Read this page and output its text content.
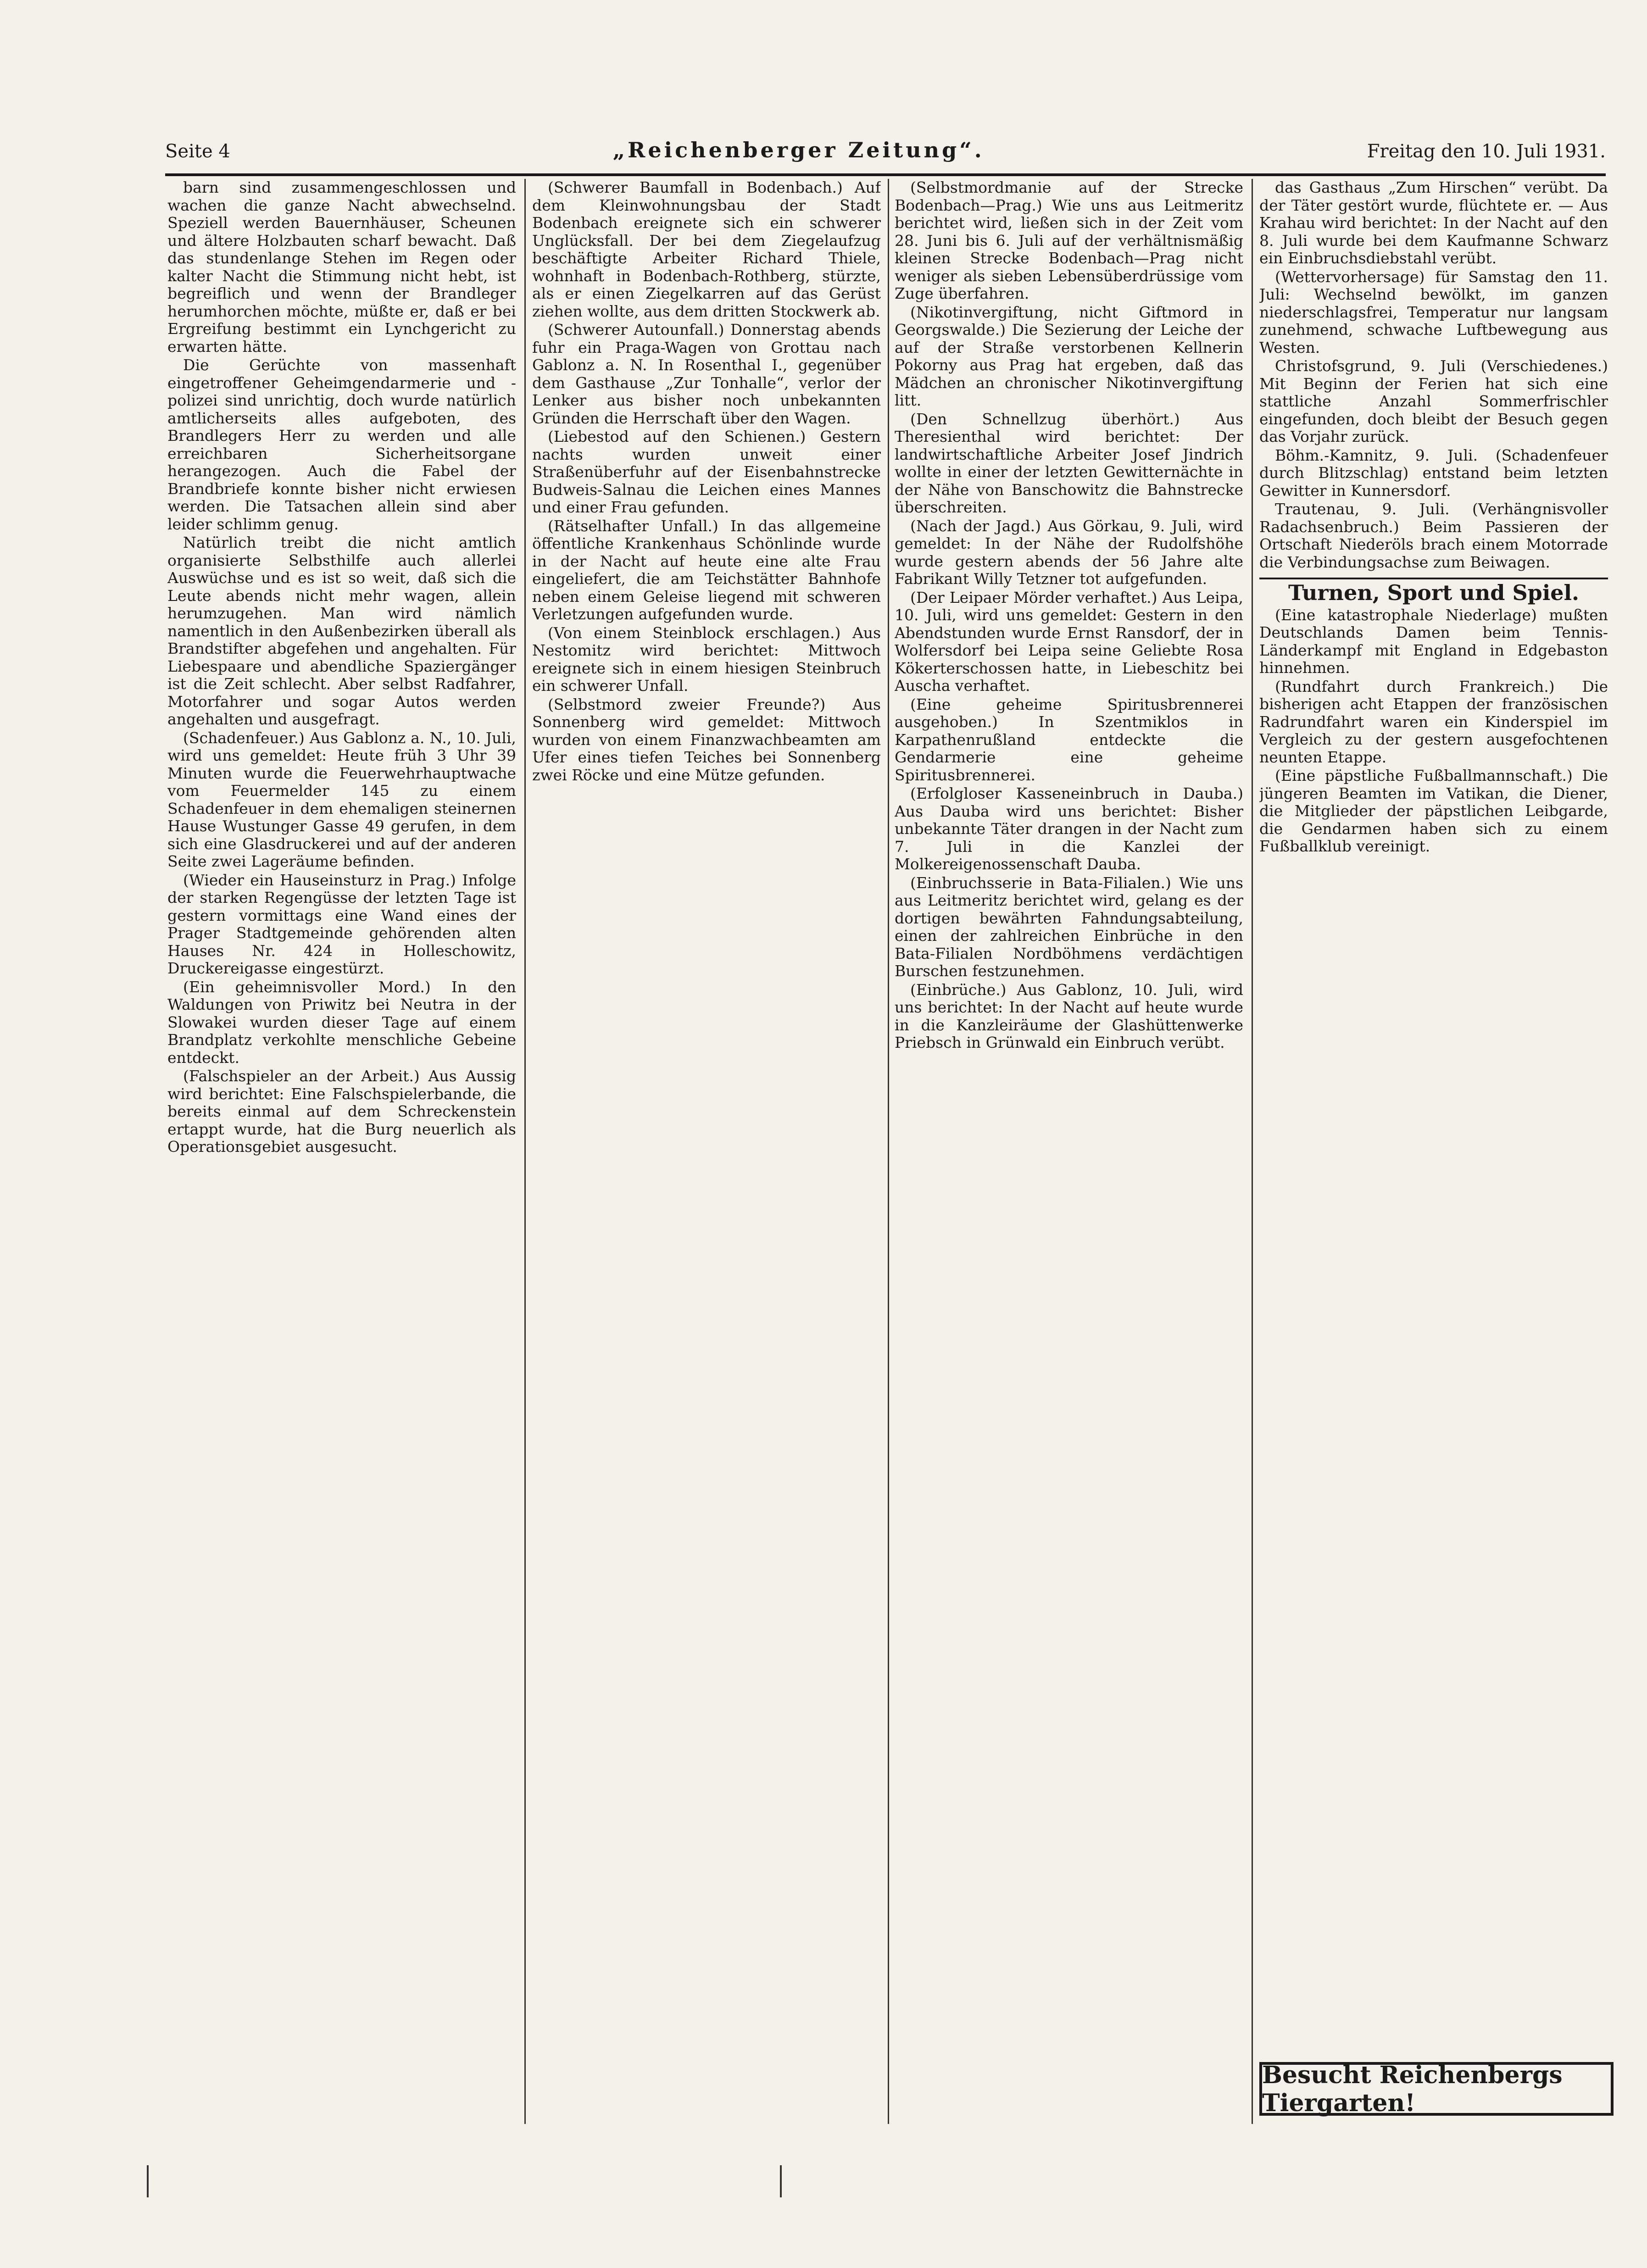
Seite 4	„Reichenberger Zeitung“.	Freitag den 10. Juli 1931.

barn sind zusammengeschlossen und wachen die ganze Nacht abwechselnd. Speziell werden Bauernhäuser, Scheunen und ältere Holzbauten scharf bewacht. Daß das stundenlange Stehen im Regen oder kalter Nacht die Stimmung nicht hebt, ist begreiflich und wenn der Brandleger herumhorchen möchte, müßte er, daß er bei Ergreifung bestimmt ein Lynchgericht zu erwarten hätte.

Die Gerüchte von massenhaft eingetroffener Geheimgendarmerie und -polizei sind unrichtig, doch wurde natürlich amtlicherseits alles aufgeboten, des Brandlegers Herr zu werden und alle erreichbaren Sicherheitsorgane herangezogen. Auch die Fabel der Brandbriefe konnte bisher nicht erwiesen werden. Die Tatsachen allein sind aber leider schlimm genug.

Natürlich treibt die nicht amtlich organisierte Selbsthilfe auch allerlei Auswüchse und es ist so weit, daß sich die Leute abends nicht mehr wagen, allein herumzugehen. Man wird nämlich namentlich in den Außenbezirken überall als Brandstifter abgefehen und angehalten. Für Liebespaare und abendliche Spaziergänger ist die Zeit schlecht. Aber selbst Radfahrer, Motorfahrer und sogar Autos werden angehalten und ausgefragt.

(Schadenfeuer.) Aus Gablonz a. N., 10. Juli, wird uns gemeldet: Heute früh 3 Uhr 39 Minuten wurde die Feuerwehrhauptwache vom Feuermelder 145 zu einem Schadenfeuer in dem ehemaligen steinernen Hause Wustunger Gasse 49 gerufen, in dem sich eine Glasdruckerei und auf der anderen Seite zwei Lageräume befinden.

(Wieder ein Hauseinsturz in Prag.) Infolge der starken Regengüsse der letzten Tage ist gestern vormittags eine Wand eines der Prager Stadtgemeinde gehörenden alten Hauses Nr. 424 in Holleschowitz, Druckereigasse eingestürzt.

(Ein geheimnisvoller Mord.) In den Waldungen von Priwitz bei Neutra in der Slowakei wurden dieser Tage auf einem Brandplatz verkohlte menschliche Gebeine entdeckt.

(Falschspieler an der Arbeit.) Aus Aussig wird berichtet: Eine Falschspielerbande, die bereits einmal auf dem Schreckenstein ertappt wurde, hat die Burg neuerlich als Operationsgebiet ausgesucht.

(Schwerer Baumfall in Bodenbach.) Auf dem Kleinwohnungsbau der Stadt Bodenbach ereignete sich ein schwerer Unglücksfall. Der bei dem Ziegelaufzug beschäftigte Arbeiter Richard Thiele, wohnhaft in Bodenbach-Rothberg, stürzte, als er einen Ziegelkarren auf das Gerüst ziehen wollte, aus dem dritten Stockwerk ab.

(Schwerer Autounfall.) Donnerstag abends fuhr ein Praga-Wagen von Grottau nach Gablonz a. N. In Rosenthal I., gegenüber dem Gasthause „Zur Tonhalle“, verlor der Lenker aus bisher noch unbekannten Gründen die Herrschaft über den Wagen.

(Liebestod auf den Schienen.) Gestern nachts wurden unweit einer Straßenüberfuhr auf der Eisenbahnstrecke Budweis-Salnau die Leichen eines Mannes und einer Frau gefunden.

(Rätselhafter Unfall.) In das allgemeine öffentliche Krankenhaus Schönlinde wurde in der Nacht auf heute eine alte Frau eingeliefert, die am Teichstätter Bahnhofe neben einem Geleise liegend mit schweren Verletzungen aufgefunden wurde.

(Von einem Steinblock erschlagen.) Aus Nestomitz wird berichtet: Mittwoch ereignete sich in einem hiesigen Steinbruch ein schwerer Unfall.

(Selbstmord zweier Freunde?) Aus Sonnenberg wird gemeldet: Mittwoch wurden von einem Finanzwachbeamten am Ufer eines tiefen Teiches bei Sonnenberg zwei Röcke und eine Mütze gefunden.

(Selbstmordmanie auf der Strecke Bodenbach—Prag.) Wie uns aus Leitmeritz berichtet wird, ließen sich in der Zeit vom 28. Juni bis 6. Juli auf der verhältnismäßig kleinen Strecke Bodenbach—Prag nicht weniger als sieben Lebensüberdrüssige vom Zuge überfahren.

(Nikotinvergiftung, nicht Giftmord in Georgswalde.) Die Sezierung der Leiche der auf der Straße verstorbenen Kellnerin Pokorny aus Prag hat ergeben, daß das Mädchen an chronischer Nikotinvergiftung litt.

(Den Schnellzug überhört.) Aus Theresienthal wird berichtet: Der landwirtschaftliche Arbeiter Josef Jindrich wollte in einer der letzten Gewitternächte in der Nähe von Banschowitz die Bahnstrecke überschreiten.

(Nach der Jagd.) Aus Görkau, 9. Juli, wird gemeldet: In der Nähe der Rudolfshöhe wurde gestern abends der 56 Jahre alte Fabrikant Willy Tetzner tot aufgefunden.

(Der Leipaer Mörder verhaftet.) Aus Leipa, 10. Juli, wird uns gemeldet: Gestern in den Abendstunden wurde Ernst Ransdorf, der in Wolfersdorf bei Leipa seine Geliebte Rosa Kökerterschossen hatte, in Liebeschitz bei Auscha verhaftet.

(Eine geheime Spiritusbrennerei ausgehoben.) In Szentmiklos in Karpathenrußland entdeckte die Gendarmerie eine geheime Spiritusbrennerei.

(Erfolgloser Kasseneinbruch in Dauba.) Aus Dauba wird uns berichtet: Bisher unbekannte Täter drangen in der Nacht zum 7. Juli in die Kanzlei der Molkereigenossenschaft Dauba.

(Einbruchsserie in Bata-Filialen.) Wie uns aus Leitmeritz berichtet wird, gelang es der dortigen bewährten Fahndungsabteilung, einen der zahlreichen Einbrüche in den Bata-Filialen Nordböhmens verdächtigen Burschen festzunehmen.

(Einbrüche.) Aus Gablonz, 10. Juli, wird uns berichtet: In der Nacht auf heute wurde in die Kanzleiräume der Glashüttenwerke Priebsch in Grünwald ein Einbruch verübt.

das Gasthaus „Zum Hirschen“ verübt. Da der Täter gestört wurde, flüchtete er. — Aus Krahau wird berichtet: In der Nacht auf den 8. Juli wurde bei dem Kaufmanne Schwarz ein Einbruchsdiebstahl verübt.

(Wettervorhersage) für Samstag den 11. Juli: Wechselnd bewölkt, im ganzen niederschlagsfrei, Temperatur nur langsam zunehmend, schwache Luftbewegung aus Westen.

Christofsgrund, 9. Juli (Verschiedenes.) Mit Beginn der Ferien hat sich eine stattliche Anzahl Sommerfrischler eingefunden, doch bleibt der Besuch gegen das Vorjahr zurück.

Böhm.-Kamnitz, 9. Juli. (Schadenfeuer durch Blitzschlag) entstand beim letzten Gewitter in Kunnersdorf.

Trautenau, 9. Juli. (Verhängnisvoller Radachsenbruch.) Beim Passieren der Ortschaft Niederöls brach einem Motorrade die Verbindungsachse zum Beiwagen.

Turnen, Sport und Spiel.

(Eine katastrophale Niederlage) mußten Deutschlands Damen beim Tennis-Länderkampf mit England in Edgebaston hinnehmen.

(Rundfahrt durch Frankreich.) Die bisherigen acht Etappen der französischen Radrundfahrt waren ein Kinderspiel im Vergleich zu der gestern ausgefochtenen neunten Etappe.

(Eine päpstliche Fußballmannschaft.) Die jüngeren Beamten im Vatikan, die Diener, die Mitglieder der päpstlichen Leibgarde, die Gendarmen haben sich zu einem Fußballklub vereinigt.

Besucht Reichenbergs Tiergarten!
